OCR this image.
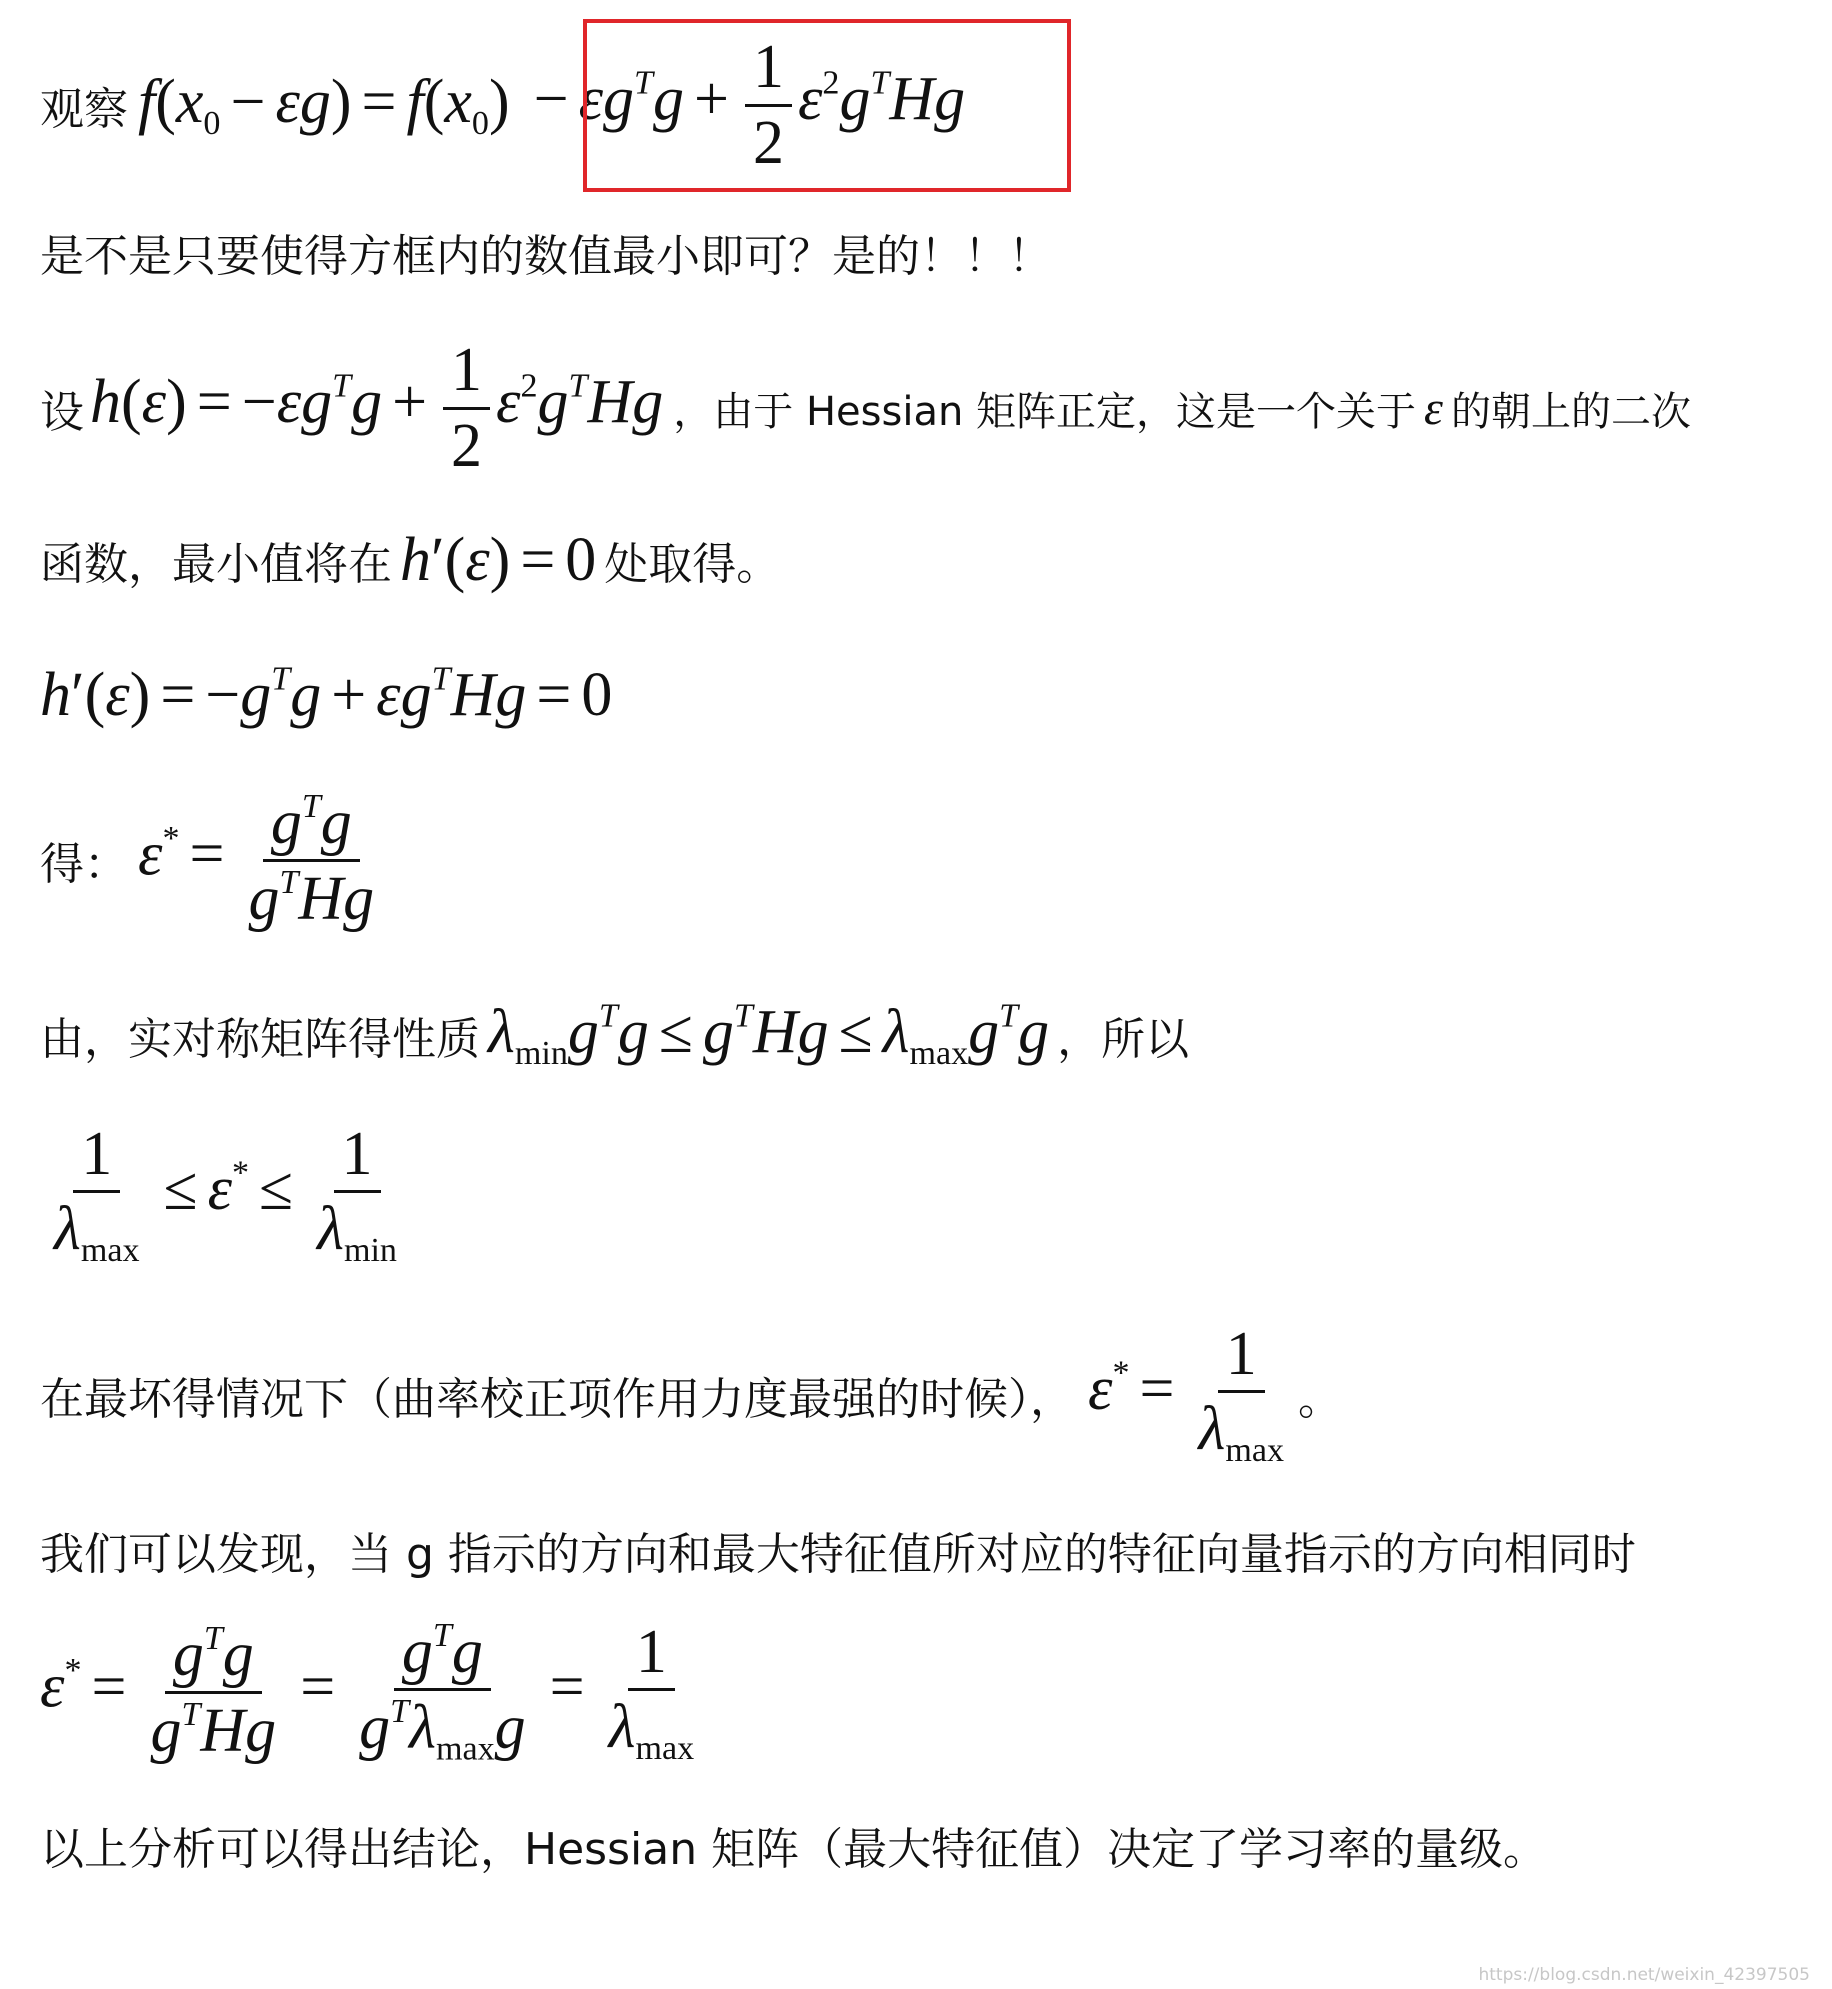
观察 $f(x_0 - \varepsilon g) = f(x_0) - \varepsilon g^Tg + \frac{1}{2} \varepsilon^2g^THg$
是不是只要使得方框内的数值最小即可？是的！！！
设 $h(\varepsilon) = -\varepsilon g^Tg + \frac{1}{2} \varepsilon^2g^THg$ ，由于 Hessian 矩阵正定，这是一个关于 ε 的朝上的二次
函数，最小值将在 h′(ε) = 0 处取得。
$h'(\varepsilon) = -g^Tg + \varepsilon g^THg = 0$
得： $\varepsilon^* = \frac{g^Tg}{g^THg}$
由，实对称矩阵得性质 $\lambda_{min}g^Tg \le g^THg \le \lambda_{max}g^Tg$ ，所以
$\frac{1}{\lambda_{max}} \le \varepsilon^* \le \frac{1}{\lambda_{min}}$
在最坏得情况下（曲率校正项作用力度最强的时候）， $\varepsilon^* = \frac{1}{\lambda_{max}}$ 。
我们可以发现，当 g 指示的方向和最大特征值所对应的特征向量指示的方向相同时
$\varepsilon^* = \frac{g^Tg}{g^THg} = \frac{g^Tg}{g^T\lambda_{max}g} = \frac{1}{\lambda_{max}}$
以上分析可以得出结论，Hessian 矩阵（最大特征值）决定了学习率的量级。
https://blog.csdn.net/weixin_42397505
